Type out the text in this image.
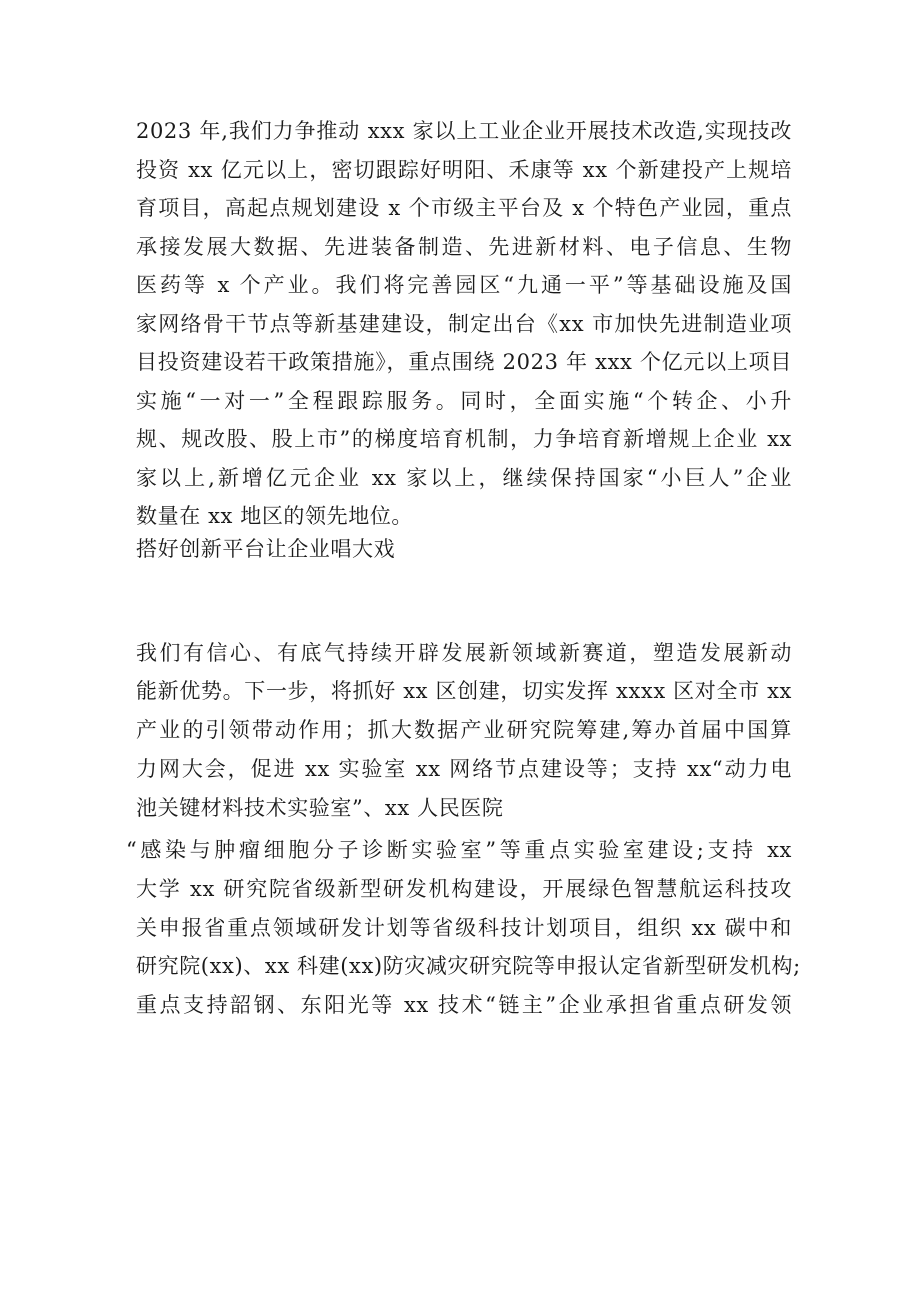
2023 年,我们力争推动 xxx 家以上工业企业开展技术改造,实现技改
投资 xx 亿元以上，密切跟踪好明阳、禾康等 xx 个新建投产上规培
育项目，高起点规划建设 x 个市级主平台及 x 个特色产业园，重点
承接发展大数据、先进装备制造、先进新材料、电子信息、生物
医药等 x 个产业。我们将完善园区“九通一平”等基础设施及国
家网络骨干节点等新基建建设，制定出台《xx 市加快先进制造业项
目投资建设若干政策措施》，重点围绕 2023 年 xxx 个亿元以上项目
实施“一对一”全程跟踪服务。同时，全面实施“个转企、小升
规、规改股、股上市”的梯度培育机制，力争培育新增规上企业 xx
家以上,新增亿元企业 xx 家以上，继续保持国家“小巨人”企业
数量在 xx 地区的领先地位。
搭好创新平台让企业唱大戏
我们有信心、有底气持续开辟发展新领域新赛道，塑造发展新动
能新优势。下一步，将抓好 xx 区创建，切实发挥 xxxx 区对全市 xx
产业的引领带动作用；抓大数据产业研究院筹建,筹办首届中国算
力网大会，促进 xx 实验室 xx 网络节点建设等；支持 xx“动力电
池关键材料技术实验室”、xx 人民医院
“感染与肿瘤细胞分子诊断实验室”等重点实验室建设;支持 xx
大学 xx 研究院省级新型研发机构建设，开展绿色智慧航运科技攻
关申报省重点领域研发计划等省级科技计划项目，组织 xx 碳中和
研究院(xx)、xx 科建(xx)防灾减灾研究院等申报认定省新型研发机构;
重点支持韶钢、东阳光等 xx 技术“链主”企业承担省重点研发领
